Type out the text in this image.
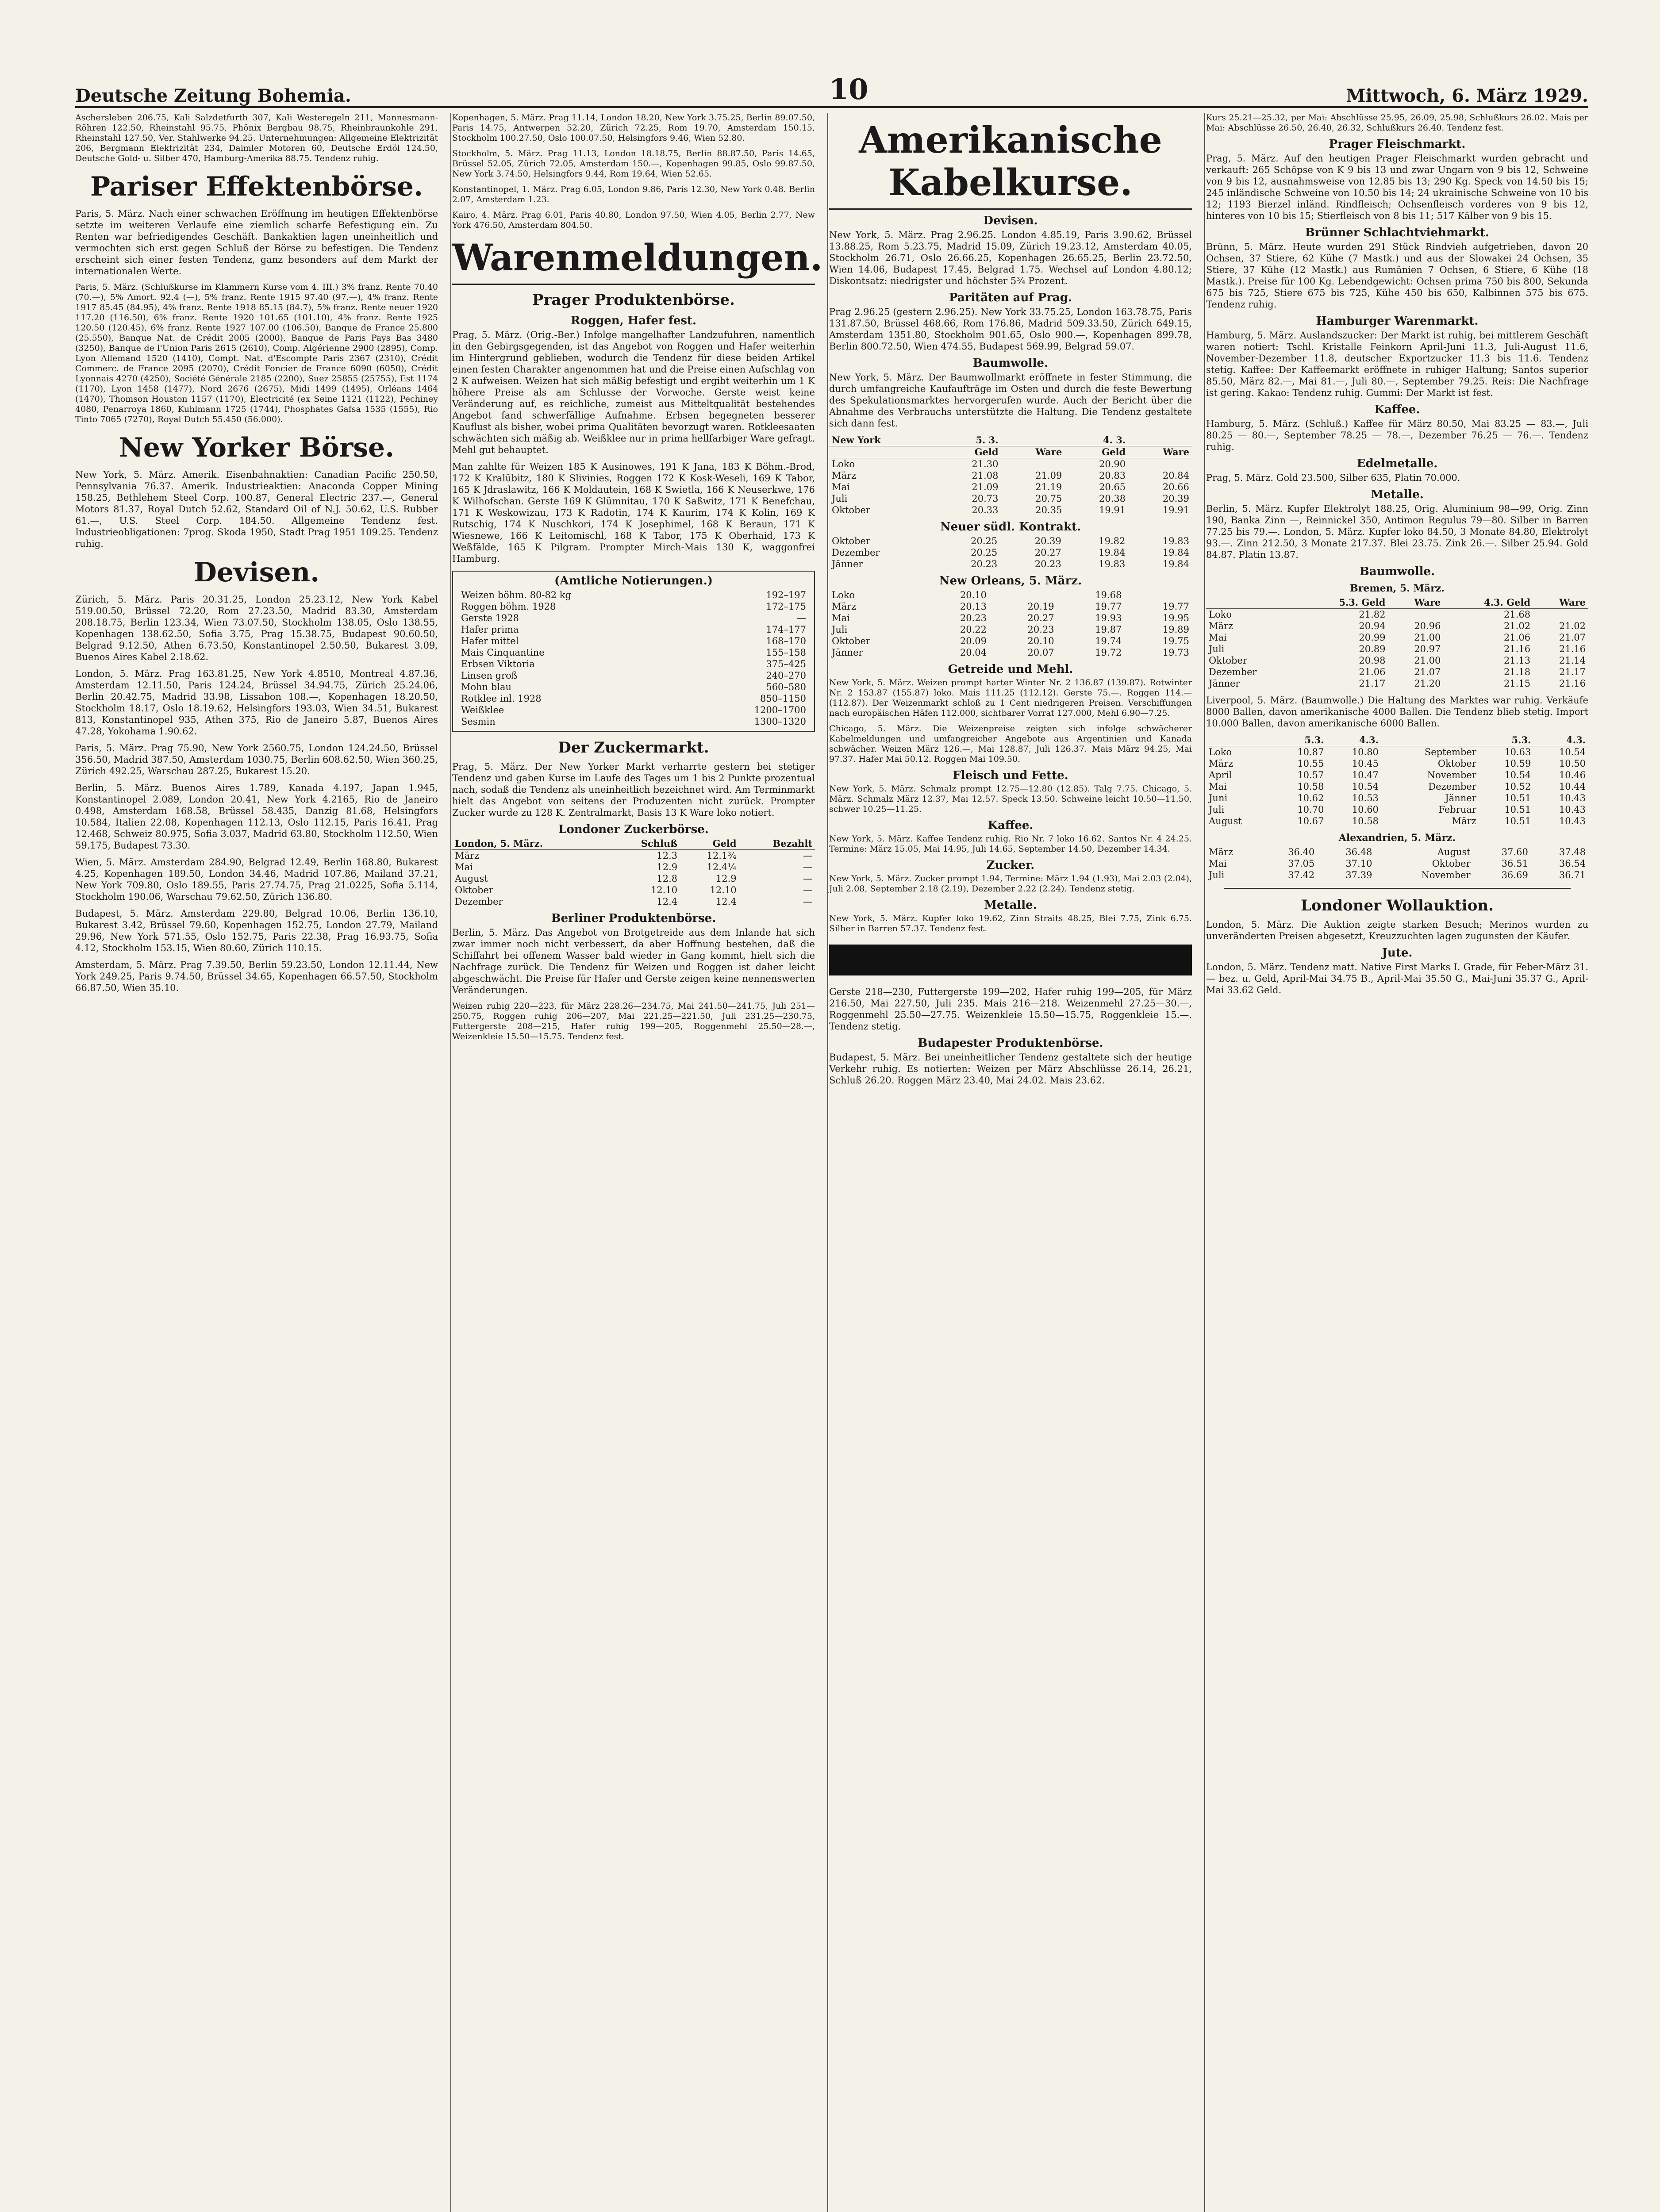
Deutsche Zeitung Bohemia.	10	Mittwoch, 6. März 1929.

Aschersleben 206.75, Kali Salzdetfurth 307, Kali Westeregeln 211, Mannesmann-Röhren 122.50, Rheinstahl 95.75, Phönix Bergbau 98.75, Rheinbraunkohle 291, Rheinstahl 127.50, Ver. Stahlwerke 94.25. Unternehmungen: Allgemeine Elektrizität 206, Bergmann Elektrizität 234, Daimler Motoren 60, Deutsche Erdöl 124.50, Deutsche Gold- u. Silber 470, Hamburg-Amerika 88.75. Tendenz ruhig.

Pariser Effektenbörse.

Paris, 5. März. Nach einer schwachen Eröffnung im heutigen Effektenbörse setzte im weiteren Verlaufe eine ziemlich scharfe Befestigung ein. Zu Renten war befriedigendes Geschäft. Bankaktien lagen uneinheitlich und vermochten sich erst gegen Schluß der Börse zu befestigen. Die Tendenz erscheint sich einer festen Tendenz, ganz besonders auf dem Markt der internationalen Werte.

Paris, 5. März. (Schlußkurse im Klammern Kurse vom 4. III.) 3% franz. Rente 70.40 (70.—), 5% Amort. 92.4 (—), 5% franz. Rente 1915 97.40 (97.—), 4% franz. Rente 1917 85.45 (84.95), 4% franz. Rente 1918 85.15 (84.7), 5% franz. Rente neuer 1920 117.20 (116.50), 6% franz. Rente 1920 101.65 (101.10), 4% franz. Rente 1925 120.50 (120.45), 6% franz. Rente 1927 107.00 (106.50), Banque de France 25.800 (25.550), Banque Nat. de Crédit 2005 (2000), Banque de Paris Pays Bas 3480 (3250), Banque de l'Union Paris 2615 (2610), Comp. Algérienne 2900 (2895), Comp. Lyon Allemand 1520 (1410), Compt. Nat. d'Escompte Paris 2367 (2310), Crédit Commerc. de France 2095 (2070), Crédit Foncier de France 6090 (6050), Crédit Lyonnais 4270 (4250), Société Générale 2185 (2200), Suez 25855 (25755), Est 1174 (1170), Lyon 1458 (1477), Nord 2676 (2675), Midi 1499 (1495), Orléans 1464 (1470), Thomson Houston 1157 (1170), Electricité (ex Seine 1121 (1122), Pechiney 4080, Penarroya 1860, Kuhlmann 1725 (1744), Phosphates Gafsa 1535 (1555), Rio Tinto 7065 (7270), Royal Dutch 55.450 (56.000).

New Yorker Börse.

New York, 5. März. Amerik. Eisenbahnaktien: Canadian Pacific 250.50, Pennsylvania 76.37. Amerik. Industrieaktien: Anaconda Copper Mining 158.25, Bethlehem Steel Corp. 100.87, General Electric 237.—, General Motors 81.37, Royal Dutch 52.62, Standard Oil of N.J. 50.62, U.S. Rubber 61.—, U.S. Steel Corp. 184.50. Allgemeine Tendenz fest. Industrieobligationen: 7prog. Skoda 1950, Stadt Prag 1951 109.25. Tendenz ruhig.

Devisen.

Zürich, 5. März. Paris 20.31.25, London 25.23.12, New York Kabel 519.00.50, Brüssel 72.20, Rom 27.23.50, Madrid 83.30, Amsterdam 208.18.75, Berlin 123.34, Wien 73.07.50, Stockholm 138.05, Oslo 138.55, Kopenhagen 138.62.50, Sofia 3.75, Prag 15.38.75, Budapest 90.60.50, Belgrad 9.12.50, Athen 6.73.50, Konstantinopel 2.50.50, Bukarest 3.09, Buenos Aires Kabel 2.18.62.

London, 5. März. Prag 163.81.25, New York 4.8510, Montreal 4.87.36, Amsterdam 12.11.50, Paris 124.24, Brüssel 34.94.75, Zürich 25.24.06, Berlin 20.42.75, Madrid 33.98, Lissabon 108.—, Kopenhagen 18.20.50, Stockholm 18.17, Oslo 18.19.62, Helsingfors 193.03, Wien 34.51, Bukarest 813, Konstantinopel 935, Athen 375, Rio de Janeiro 5.87, Buenos Aires 47.28, Yokohama 1.90.62.

Paris, 5. März. Prag 75.90, New York 2560.75, London 124.24.50, Brüssel 356.50, Madrid 387.50, Amsterdam 1030.75, Berlin 608.62.50, Wien 360.25, Zürich 492.25, Warschau 287.25, Bukarest 15.20.

Berlin, 5. März. Buenos Aires 1.789, Kanada 4.197, Japan 1.945, Konstantinopel 2.089, London 20.41, New York 4.2165, Rio de Janeiro 0.498, Amsterdam 168.58, Brüssel 58.435, Danzig 81.68, Helsingfors 10.584, Italien 22.08, Kopenhagen 112.13, Oslo 112.15, Paris 16.41, Prag 12.468, Schweiz 80.975, Sofia 3.037, Madrid 63.80, Stockholm 112.50, Wien 59.175, Budapest 73.30.

Wien, 5. März. Amsterdam 284.90, Belgrad 12.49, Berlin 168.80, Bukarest 4.25, Kopenhagen 189.50, London 34.46, Madrid 107.86, Mailand 37.21, New York 709.80, Oslo 189.55, Paris 27.74.75, Prag 21.0225, Sofia 5.114, Stockholm 190.06, Warschau 79.62.50, Zürich 136.80.

Budapest, 5. März. Amsterdam 229.80, Belgrad 10.06, Berlin 136.10, Bukarest 3.42, Brüssel 79.60, Kopenhagen 152.75, London 27.79, Mailand 29.96, New York 571.55, Oslo 152.75, Paris 22.38, Prag 16.93.75, Sofia 4.12, Stockholm 153.15, Wien 80.60, Zürich 110.15.

Amsterdam, 5. März. Prag 7.39.50, Berlin 59.23.50, London 12.11.44, New York 249.25, Paris 9.74.50, Brüssel 34.65, Kopenhagen 66.57.50, Stockholm 66.87.50, Wien 35.10.

Kopenhagen, 5. März. Prag 11.14, London 18.20, New York 3.75.25, Berlin 89.07.50, Paris 14.75, Antwerpen 52.20, Zürich 72.25, Rom 19.70, Amsterdam 150.15, Stockholm 100.27.50, Oslo 100.07.50, Helsingfors 9.46, Wien 52.80.

Stockholm, 5. März. Prag 11.13, London 18.18.75, Berlin 88.87.50, Paris 14.65, Brüssel 52.05, Zürich 72.05, Amsterdam 150.—, Kopenhagen 99.85, Oslo 99.87.50, New York 3.74.50, Helsingfors 9.44, Rom 19.64, Wien 52.65.

Konstantinopel, 1. März. Prag 6.05, London 9.86, Paris 12.30, New York 0.48. Berlin 2.07, Amsterdam 1.23.

Kairo, 4. März. Prag 6.01, Paris 40.80, London 97.50, Wien 4.05, Berlin 2.77, New York 476.50, Amsterdam 804.50.

Warenmeldungen.
Prager Produktenbörse.
Roggen, Hafer fest.

Prag, 5. März. (Orig.-Ber.) Infolge mangelhafter Landzufuhren, namentlich in den Gebirgsgegenden, ist das Angebot von Roggen und Hafer weiterhin im Hintergrund geblieben, wodurch die Tendenz für diese beiden Artikel einen festen Charakter angenommen hat und die Preise einen Aufschlag von 2 K aufweisen. Weizen hat sich mäßig befestigt und ergibt weiterhin um 1 K höhere Preise als am Schlusse der Vorwoche. Gerste weist keine Veränderung auf, es reichliche, zumeist aus Mitteltqualität bestehendes Angebot fand schwerfällige Aufnahme. Erbsen begegneten besserer Kauflust als bisher, wobei prima Qualitäten bevorzugt waren. Rotkleesaaten schwächten sich mäßig ab. Weißklee nur in prima hellfarbiger Ware gefragt. Mehl gut behauptet.

Man zahlte für Weizen 185 K Ausinowes, 191 K Jana, 183 K Böhm.-Brod, 172 K Kralübitz, 180 K Slivinies, Roggen 172 K Kosk-Weseli, 169 K Tabor, 165 K Jdraslawitz, 166 K Moldautein, 168 K Swietla, 166 K Neuserkwe, 176 K Wilhofschan. Gerste 169 K Glümnitau, 170 K Saßwitz, 171 K Benefchau, 171 K Weskowizau, 173 K Radotin, 174 K Kaurim, 174 K Kolin, 169 K Rutschig, 174 K Nuschkori, 174 K Josephimel, 168 K Beraun, 171 K Wiesnewe, 166 K Leitomischl, 168 K Tabor, 175 K Oberhaid, 173 K Weßfälde, 165 K Pilgram. Prompter Mirch-Mais 130 K, waggonfrei Hamburg.

(Amtliche Notierungen.)
Weizen böhm. 80-82 kg	192–197
Roggen böhm. 1928	172–175
Gerste 1928	—
Hafer prima	174–177
Hafer mittel	168–170
Mais Cinquantine	155–158
Erbsen Viktoria	375–425
Linsen groß	240–270
Mohn blau	560–580
Rotklee inl. 1928	850–1150
Weißklee	1200–1700
Sesmin	1300–1320
Der Zuckermarkt.

Prag, 5. März. Der New Yorker Markt verharrte gestern bei stetiger Tendenz und gaben Kurse im Laufe des Tages um 1 bis 2 Punkte prozentual nach, sodaß die Tendenz als uneinheitlich bezeichnet wird. Am Terminmarkt hielt das Angebot von seitens der Produzenten nicht zurück. Prompter Zucker wurde zu 128 K. Zentralmarkt, Basis 13 K Ware loko notiert.

Londoner Zuckerbörse.
London, 5. März.	Schluß	Geld	Bezahlt
März	12.3	12.1¾	—
Mai	12.9	12.4¼	—
August	12.8	12.9	—
Oktober	12.10	12.10	—
Dezember	12.4	12.4	—
Berliner Produktenbörse.

Berlin, 5. März. Das Angebot von Brotgetreide aus dem Inlande hat sich zwar immer noch nicht verbessert, da aber Hoffnung bestehen, daß die Schiffahrt bei offenem Wasser bald wieder in Gang kommt, hielt sich die Nachfrage zurück. Die Tendenz für Weizen und Roggen ist daher leicht abgeschwächt. Die Preise für Hafer und Gerste zeigen keine nennenswerten Veränderungen.

Weizen ruhig 220—223, für März 228.26—234.75, Mai 241.50—241.75, Juli 251—250.75, Roggen ruhig 206—207, Mai 221.25—221.50, Juli 231.25—230.75, Futtergerste 208—215, Hafer ruhig 199—205, Roggenmehl 25.50—28.—, Weizenkleie 15.50—15.75. Tendenz fest.

Amerikanische Kabelkurse.
Devisen.

New York, 5. März. Prag 2.96.25. London 4.85.19, Paris 3.90.62, Brüssel 13.88.25, Rom 5.23.75, Madrid 15.09, Zürich 19.23.12, Amsterdam 40.05, Stockholm 26.71, Oslo 26.66.25, Kopenhagen 26.65.25, Berlin 23.72.50, Wien 14.06, Budapest 17.45, Belgrad 1.75. Wechsel auf London 4.80.12; Diskontsatz: niedrigster und höchster 5¾ Prozent.

Paritäten auf Prag.

Prag 2.96.25 (gestern 2.96.25). New York 33.75.25, London 163.78.75, Paris 131.87.50, Brüssel 468.66, Rom 176.86, Madrid 509.33.50, Zürich 649.15, Amsterdam 1351.80, Stockholm 901.65, Oslo 900.—, Kopenhagen 899.78, Berlin 800.72.50, Wien 474.55, Budapest 569.99, Belgrad 59.07.

Baumwolle.

New York, 5. März. Der Baumwollmarkt eröffnete in fester Stimmung, die durch umfangreiche Kaufaufträge im Osten und durch die feste Bewertung des Spekulationsmarktes hervorgerufen wurde. Auch der Bericht über die Abnahme des Verbrauchs unterstützte die Haltung. Die Tendenz gestaltete sich dann fest.

New York	5. 3.		4. 3.	
	Geld	Ware	Geld	Ware
Loko	21.30		20.90	
März	21.08	21.09	20.83	20.84
Mai	21.09	21.19	20.65	20.66
Juli	20.73	20.75	20.38	20.39
Oktober	20.33	20.35	19.91	19.91
Neuer südl. Kontrakt.
Oktober	20.25	20.39	19.82	19.83
Dezember	20.25	20.27	19.84	19.84
Jänner	20.23	20.23	19.83	19.84
New Orleans, 5. März.
Loko	20.10		19.68	
März	20.13	20.19	19.77	19.77
Mai	20.23	20.27	19.93	19.95
Juli	20.22	20.23	19.87	19.89
Oktober	20.09	20.10	19.74	19.75
Jänner	20.04	20.07	19.72	19.73
Getreide und Mehl.

New York, 5. März. Weizen prompt harter Winter Nr. 2 136.87 (139.87). Rotwinter Nr. 2 153.87 (155.87) loko. Mais 111.25 (112.12). Gerste 75.—. Roggen 114.— (112.87). Der Weizenmarkt schloß zu 1 Cent niedrigeren Preisen. Verschiffungen nach europäischen Häfen 112.000, sichtbarer Vorrat 127.000, Mehl 6.90—7.25.

Chicago, 5. März. Die Weizenpreise zeigten sich infolge schwächerer Kabelmeldungen und umfangreicher Angebote aus Argentinien und Kanada schwächer. Weizen März 126.—, Mai 128.87, Juli 126.37. Mais März 94.25, Mai 97.37. Hafer Mai 50.12. Roggen Mai 109.50.

Fleisch und Fette.

New York, 5. März. Schmalz prompt 12.75—12.80 (12.85). Talg 7.75. Chicago, 5. März. Schmalz März 12.37, Mai 12.57. Speck 13.50. Schweine leicht 10.50—11.50, schwer 10.25—11.25.

Kaffee.

New York, 5. März. Kaffee Tendenz ruhig. Rio Nr. 7 loko 16.62. Santos Nr. 4 24.25. Termine: März 15.05, Mai 14.95, Juli 14.65, September 14.50, Dezember 14.34.

Zucker.

New York, 5. März. Zucker prompt 1.94, Termine: März 1.94 (1.93), Mai 2.03 (2.04), Juli 2.08, September 2.18 (2.19), Dezember 2.22 (2.24). Tendenz stetig.

Metalle.

New York, 5. März. Kupfer loko 19.62, Zinn Straits 48.25, Blei 7.75, Zink 6.75. Silber in Barren 57.37. Tendenz fest.

Gerste 218—230, Futtergerste 199—202, Hafer ruhig 199—205, für März 216.50, Mai 227.50, Juli 235. Mais 216—218. Weizenmehl 27.25—30.—, Roggenmehl 25.50—27.75. Weizenkleie 15.50—15.75, Roggenkleie 15.—. Tendenz stetig.

Budapester Produktenbörse.

Budapest, 5. März. Bei uneinheitlicher Tendenz gestaltete sich der heutige Verkehr ruhig. Es notierten: Weizen per März Abschlüsse 26.14, 26.21, Schluß 26.20. Roggen März 23.40, Mai 24.02. Mais 23.62.

Kurs 25.21—25.32, per Mai: Abschlüsse 25.95, 26.09, 25.98, Schlußkurs 26.02. Mais per Mai: Abschlüsse 26.50, 26.40, 26.32, Schlußkurs 26.40. Tendenz fest.

Prager Fleischmarkt.

Prag, 5. März. Auf den heutigen Prager Fleischmarkt wurden gebracht und verkauft: 265 Schöpse von K 9 bis 13 und zwar Ungarn von 9 bis 12, Schweine von 9 bis 12, ausnahmsweise von 12.85 bis 13; 290 Kg. Speck von 14.50 bis 15; 245 inländische Schweine von 10.50 bis 14; 24 ukrainische Schweine von 10 bis 12; 1193 Bierzel inländ. Rindfleisch; Ochsenfleisch vorderes von 9 bis 12, hinteres von 10 bis 15; Stierfleisch von 8 bis 11; 517 Kälber von 9 bis 15.

Brünner Schlachtviehmarkt.

Brünn, 5. März. Heute wurden 291 Stück Rindvieh aufgetrieben, davon 20 Ochsen, 37 Stiere, 62 Kühe (7 Mastk.) und aus der Slowakei 24 Ochsen, 35 Stiere, 37 Kühe (12 Mastk.) aus Rumänien 7 Ochsen, 6 Stiere, 6 Kühe (18 Mastk.). Preise für 100 Kg. Lebendgewicht: Ochsen prima 750 bis 800, Sekunda 675 bis 725, Stiere 675 bis 725, Kühe 450 bis 650, Kalbinnen 575 bis 675. Tendenz ruhig.

Hamburger Warenmarkt.

Hamburg, 5. März. Auslandszucker: Der Markt ist ruhig, bei mittlerem Geschäft waren notiert: Tschl. Kristalle Feinkorn April-Juni 11.3, Juli-August 11.6, November-Dezember 11.8, deutscher Exportzucker 11.3 bis 11.6. Tendenz stetig. Kaffee: Der Kaffeemarkt eröffnete in ruhiger Haltung; Santos superior 85.50, März 82.—, Mai 81.—, Juli 80.—, September 79.25. Reis: Die Nachfrage ist gering. Kakao: Tendenz ruhig. Gummi: Der Markt ist fest.

Kaffee.

Hamburg, 5. März. (Schluß.) Kaffee für März 80.50, Mai 83.25 — 83.—, Juli 80.25 — 80.—, September 78.25 — 78.—, Dezember 76.25 — 76.—. Tendenz ruhig.

Edelmetalle.

Prag, 5. März. Gold 23.500, Silber 635, Platin 70.000.

Metalle.

Berlin, 5. März. Kupfer Elektrolyt 188.25, Orig. Aluminium 98—99, Orig. Zinn 190, Banka Zinn —, Reinnickel 350, Antimon Regulus 79—80. Silber in Barren 77.25 bis 79.—. London, 5. März. Kupfer loko 84.50, 3 Monate 84.80, Elektrolyt 93.—. Zinn 212.50, 3 Monate 217.37. Blei 23.75. Zink 26.—. Silber 25.94. Gold 84.87. Platin 13.87.

Baumwolle.
Bremen, 5. März.
	5.3. Geld	Ware	4.3. Geld	Ware
Loko	21.82		21.68	
März	20.94	20.96	21.02	21.02
Mai	20.99	21.00	21.06	21.07
Juli	20.89	20.97	21.16	21.16
Oktober	20.98	21.00	21.13	21.14
Dezember	21.06	21.07	21.18	21.17
Jänner	21.17	21.20	21.15	21.16

Liverpool, 5. März. (Baumwolle.) Die Haltung des Marktes war ruhig. Verkäufe 8000 Ballen, davon amerikanische 4000 Ballen. Die Tendenz blieb stetig. Import 10.000 Ballen, davon amerikanische 6000 Ballen.

	5.3.	4.3.		5.3.	4.3.
Loko	10.87	10.80	September	10.63	10.54
März	10.55	10.45	Oktober	10.59	10.50
April	10.57	10.47	November	10.54	10.46
Mai	10.58	10.54	Dezember	10.52	10.44
Juni	10.62	10.53	Jänner	10.51	10.43
Juli	10.70	10.60	Februar	10.51	10.43
August	10.67	10.58	März	10.51	10.43
Alexandrien, 5. März.
März	36.40	36.48	August	37.60	37.48
Mai	37.05	37.10	Oktober	36.51	36.54
Juli	37.42	37.39	November	36.69	36.71
Londoner Wollauktion.

London, 5. März. Die Auktion zeigte starken Besuch; Merinos wurden zu unveränderten Preisen abgesetzt, Kreuzzuchten lagen zugunsten der Käufer.

Jute.

London, 5. März. Tendenz matt. Native First Marks I. Grade, für Feber-März 31.— bez. u. Geld, April-Mai 34.75 B., April-Mai 35.50 G., Mai-Juni 35.37 G., April-Mai 33.62 Geld.
